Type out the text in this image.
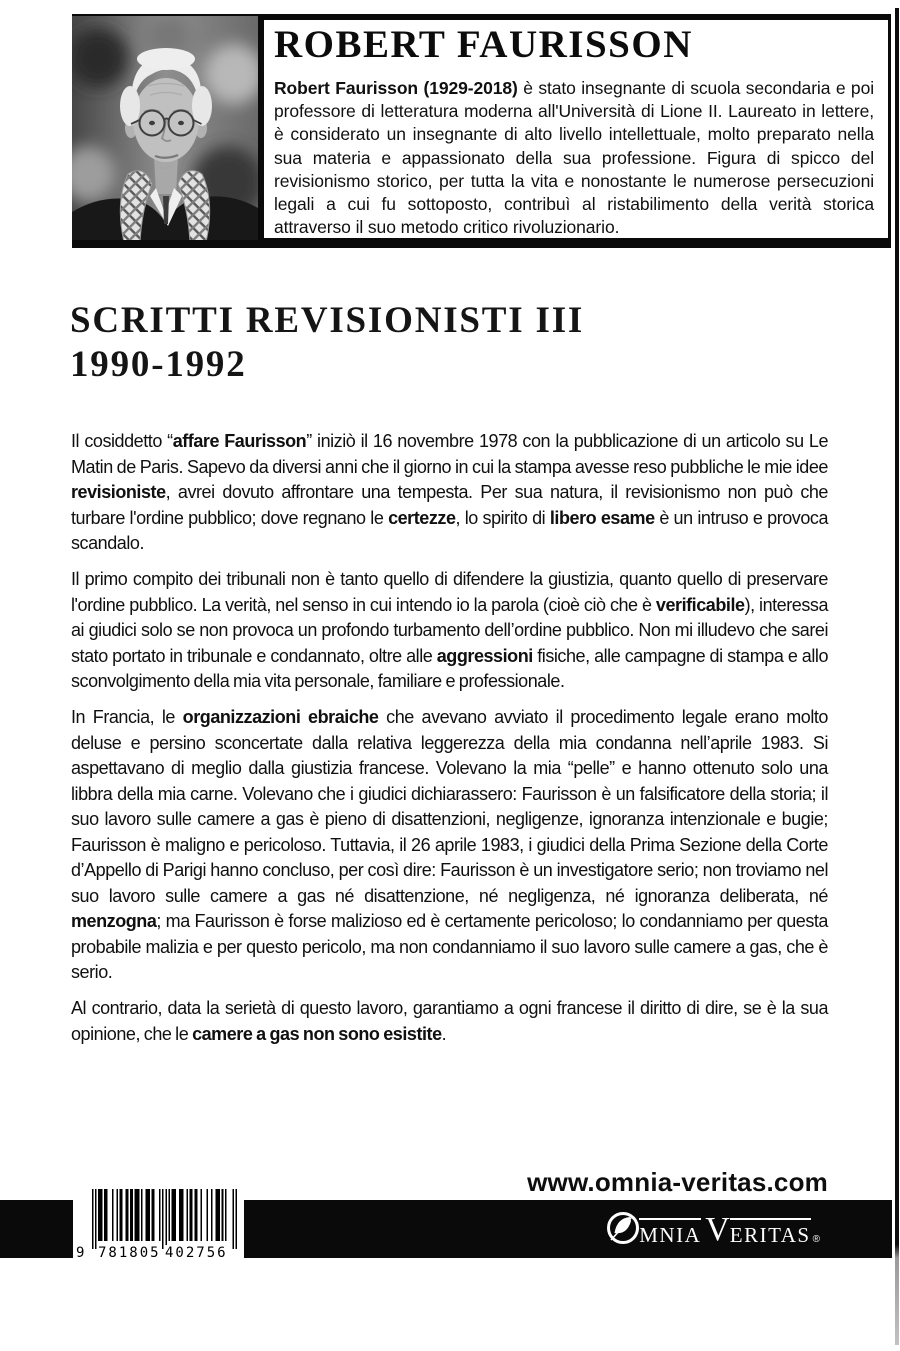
ROBERT FAURISSON
Robert Faurisson (1929-2018) è stato insegnante di scuola secondaria e poi professore di letteratura moderna all'Università di Lione II. Laureato in lettere, è considerato un insegnante di alto livello intellettuale, molto preparato nella sua materia e appassionato della sua professione. Figura di spicco del revisionismo storico, per tutta la vita e nonostante le numerose persecuzioni legali a cui fu sottoposto, contribuì al ristabilimento della verità storica attraverso il suo metodo critico rivoluzionario.
SCRITTI REVISIONISTI III
1990-1992

Il cosiddetto “affare Faurisson” iniziò il 16 novembre 1978 con la pubblicazione di un articolo su Le Matin de Paris. Sapevo da diversi anni che il giorno in cui la stampa avesse reso pubbliche le mie idee revisioniste, avrei dovuto affrontare una tempesta. Per sua natura, il revisionismo non può che turbare l'ordine pubblico; dove regnano le certezze, lo spirito di libero esame è un intruso e provoca scandalo.

Il primo compito dei tribunali non è tanto quello di difendere la giustizia, quanto quello di preservare l'ordine pubblico. La verità, nel senso in cui intendo io la parola (cioè ciò che è verificabile), interessa ai giudici solo se non provoca un profondo turbamento dell’ordine pubblico. Non mi illudevo che sarei stato portato in tribunale e condannato, oltre alle aggressioni fisiche, alle campagne di stampa e allo sconvolgimento della mia vita personale, familiare e professionale.

In Francia, le organizzazioni ebraiche che avevano avviato il procedimento legale erano molto deluse e persino sconcertate dalla relativa leggerezza della mia condanna nell’aprile 1983. Si aspettavano di meglio dalla giustizia francese. Volevano la mia “pelle” e hanno ottenuto solo una libbra della mia carne. Volevano che i giudici dichiarassero: Faurisson è un falsificatore della storia; il suo lavoro sulle camere a gas è pieno di disattenzioni, negligenze, ignoranza intenzionale e bugie; Faurisson è maligno e pericoloso. Tuttavia, il 26 aprile 1983, i giudici della Prima Sezione della Corte d’Appello di Parigi hanno concluso, per così dire: Faurisson è un investigatore serio; non troviamo nel suo lavoro sulle camere a gas né disattenzione, né negligenza, né ignoranza deliberata, né menzogna; ma Faurisson è forse malizioso ed è certamente pericoloso; lo condanniamo per questa probabile malizia e per questo pericolo, ma non condanniamo il suo lavoro sulle camere a gas, che è serio.

Al contrario, data la serietà di questo lavoro, garantiamo a ogni francese il diritto di dire, se è la sua opinione, che le camere a gas non sono esistite.

www.omnia-veritas.com
MNIA V ERITAS ®
9 781805 402756
